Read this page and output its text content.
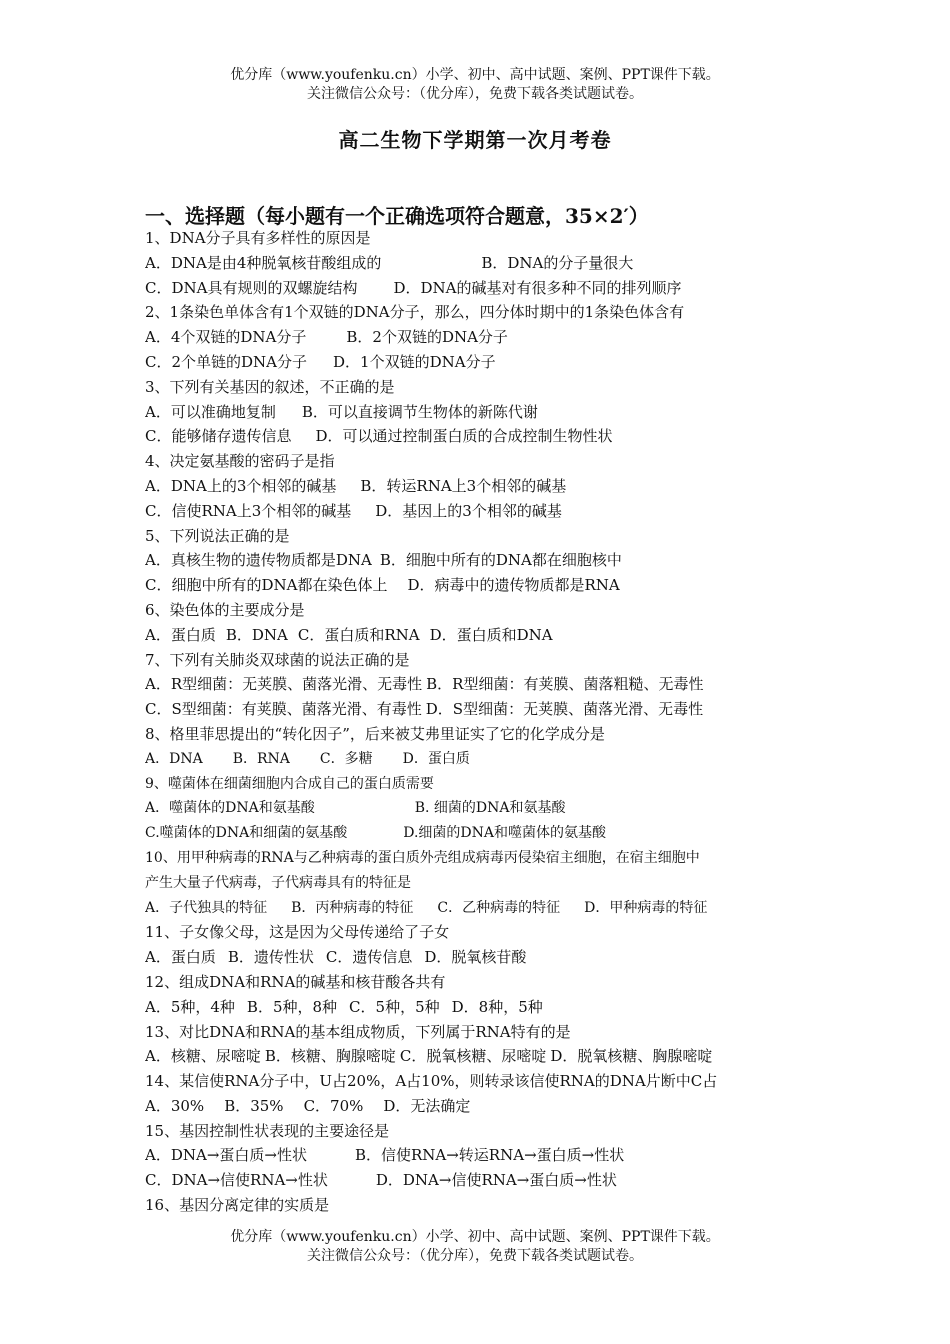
优分库（www.youfenku.cn）小学、初中、高中试题、案例、PPT课件下载。
关注微信公众号：（优分库），免费下载各类试题试卷。
高二生物下学期第一次月考卷
一、选择题（每小题有一个正确选项符合题意，35×2′）
1、DNA分子具有多样性的原因是
A．DNA是由4种脱氧核苷酸组成的	B．DNA的分子量很大
C．DNA具有规则的双螺旋结构 D．DNA的碱基对有很多种不同的排列顺序
2、1条染色单体含有1个双链的DNA分子，那么，四分体时期中的1条染色体含有
A．4个双链的DNA分子	B．2个双链的DNA分子
C．2个单链的DNA分子 D．1个双链的DNA分子
3、下列有关基因的叙述，不正确的是
A．可以准确地复制 B．可以直接调节生物体的新陈代谢
C．能够储存遗传信息 D．可以通过控制蛋白质的合成控制生物性状
4、决定氨基酸的密码子是指
A．DNA上的3个相邻的碱基 B．转运RNA上3个相邻的碱基
C．信使RNA上3个相邻的碱基 D．基因上的3个相邻的碱基
5、下列说法正确的是
A．真核生物的遗传物质都是DNA B．细胞中所有的DNA都在细胞核中
C．细胞中所有的DNA都在染色体上 D．病毒中的遗传物质都是RNA
6、染色体的主要成分是
A．蛋白质 B．DNA C．蛋白质和RNA D．蛋白质和DNA
7、下列有关肺炎双球菌的说法正确的是
A．R型细菌：无荚膜、菌落光滑、无毒性 B．R型细菌：有荚膜、菌落粗糙、无毒性
C．S型细菌：有荚膜、菌落光滑、有毒性 D．S型细菌：无荚膜、菌落光滑、无毒性
8、格里菲思提出的“转化因子”，后来被艾弗里证实了它的化学成分是
A．DNA B．RNA C．多糖 D．蛋白质
9、噬菌体在细菌细胞内合成自己的蛋白质需要
A．噬菌体的DNA和氨基酸	B. 细菌的DNA和氨基酸
C.噬菌体的DNA和细菌的氨基酸	D.细菌的DNA和噬菌体的氨基酸
10、用甲种病毒的RNA与乙种病毒的蛋白质外壳组成病毒丙侵染宿主细胞，在宿主细胞中
产生大量子代病毒，子代病毒具有的特征是
A．子代独具的特征 B．丙种病毒的特征 C．乙种病毒的特征 D．甲种病毒的特征
11、子女像父母，这是因为父母传递给了子女
A．蛋白质 B．遗传性状 C．遗传信息 D．脱氧核苷酸
12、组成DNA和RNA的碱基和核苷酸各共有
A．5种，4种 B．5种，8种 C．5种，5种 D．8种，5种
13、对比DNA和RNA的基本组成物质，下列属于RNA特有的是
A．核糖、尿嘧啶 B．核糖、胸腺嘧啶 C．脱氧核糖、尿嘧啶 D．脱氧核糖、胸腺嘧啶
14、某信使RNA分子中，U占20%，A占10%，则转录该信使RNA的DNA片断中C占
A．30% B．35% C．70% D．无法确定
15、基因控制性状表现的主要途径是
A．DNA→蛋白质→性状	B．信使RNA→转运RNA→蛋白质→性状
C．DNA→信使RNA→性状	D．DNA→信使RNA→蛋白质→性状
16、基因分离定律的实质是
优分库（www.youfenku.cn）小学、初中、高中试题、案例、PPT课件下载。
关注微信公众号：（优分库），免费下载各类试题试卷。
